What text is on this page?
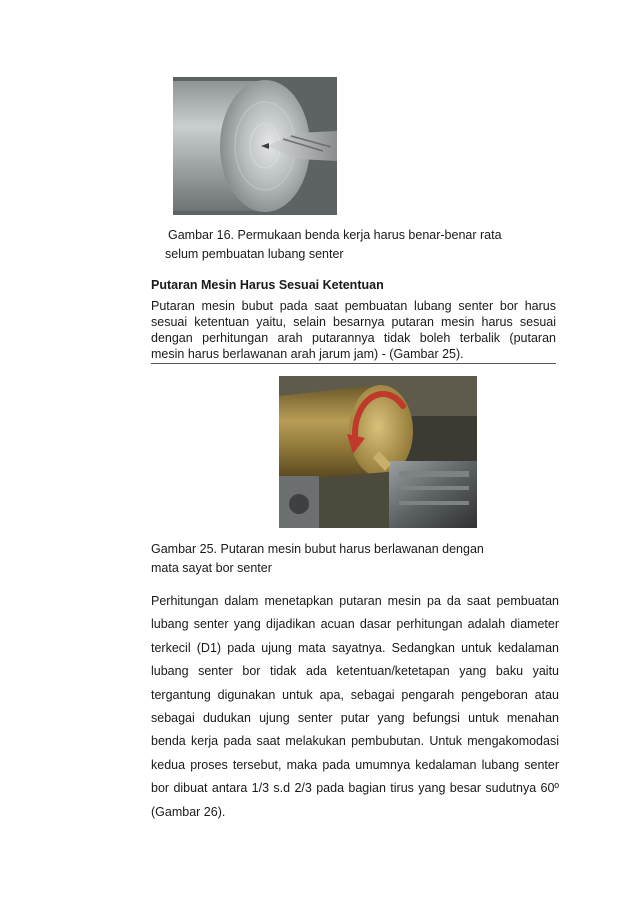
Gambar 16. Permukaan benda kerja harus benar-benar rata
selum pembuatan lubang senter
Putaran Mesin Harus Sesuai Ketentuan
Putaran mesin bubut pada saat pembuatan lubang senter bor harus
sesuai ketentuan yaitu, selain besarnya putaran mesin harus sesuai
dengan perhitungan arah putarannya tidak boleh terbalik (putaran
mesin harus berlawanan arah jarum jam) - (Gambar 25).
Gambar 25. Putaran mesin bubut harus berlawanan dengan
mata sayat bor senter
Perhitungan dalam menetapkan putaran mesin pa da saat pembuatan
lubang senter yang dijadikan acuan dasar perhitungan adalah diameter
terkecil (D1) pada ujung mata sayatnya. Sedangkan untuk kedalaman
lubang senter bor tidak ada ketentuan/ketetapan yang baku yaitu
tergantung digunakan untuk apa, sebagai pengarah pengeboran atau
sebagai dudukan ujung senter putar yang befungsi untuk menahan
benda kerja pada saat melakukan pembubutan. Untuk mengakomodasi
kedua proses tersebut, maka pada umumnya kedalaman lubang senter
bor dibuat antara 1/3 s.d 2/3 pada bagian tirus yang besar sudutnya 60º
(Gambar 26).
